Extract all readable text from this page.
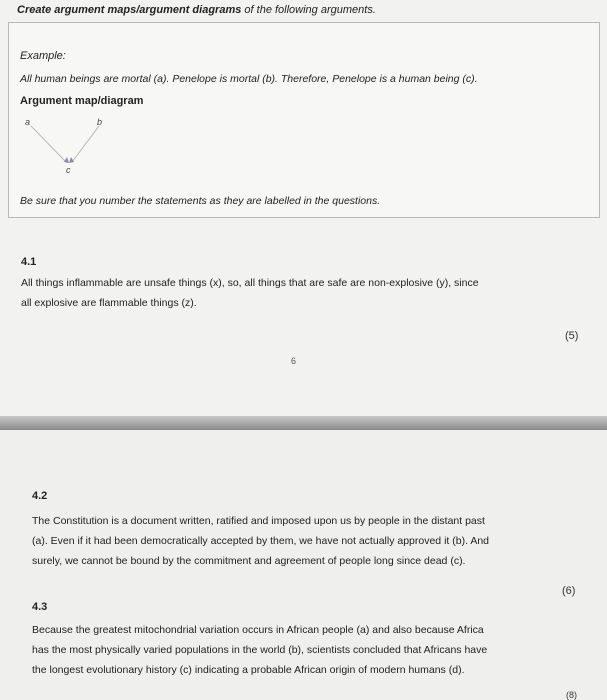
Create argument maps/argument diagrams of the following arguments.
Example:
All human beings are mortal (a). Penelope is mortal (b). Therefore, Penelope is a human being (c).
Argument map/diagram
a	b
c
Be sure that you number the statements as they are labelled in the questions.
4.1
All things inflammable are unsafe things (x), so, all things that are safe are non-explosive (y), since
all explosive are flammable things (z).
(5)
6
4.2
The Constitution is a document written, ratified and imposed upon us by people in the distant past
(a). Even if it had been democratically accepted by them, we have not actually approved it (b). And
surely, we cannot be bound by the commitment and agreement of people long since dead (c).
(6)
4.3
Because the greatest mitochondrial variation occurs in African people (a) and also because Africa
has the most physically varied populations in the world (b), scientists concluded that Africans have
the longest evolutionary history (c) indicating a probable African origin of modern humans (d).
(8)
